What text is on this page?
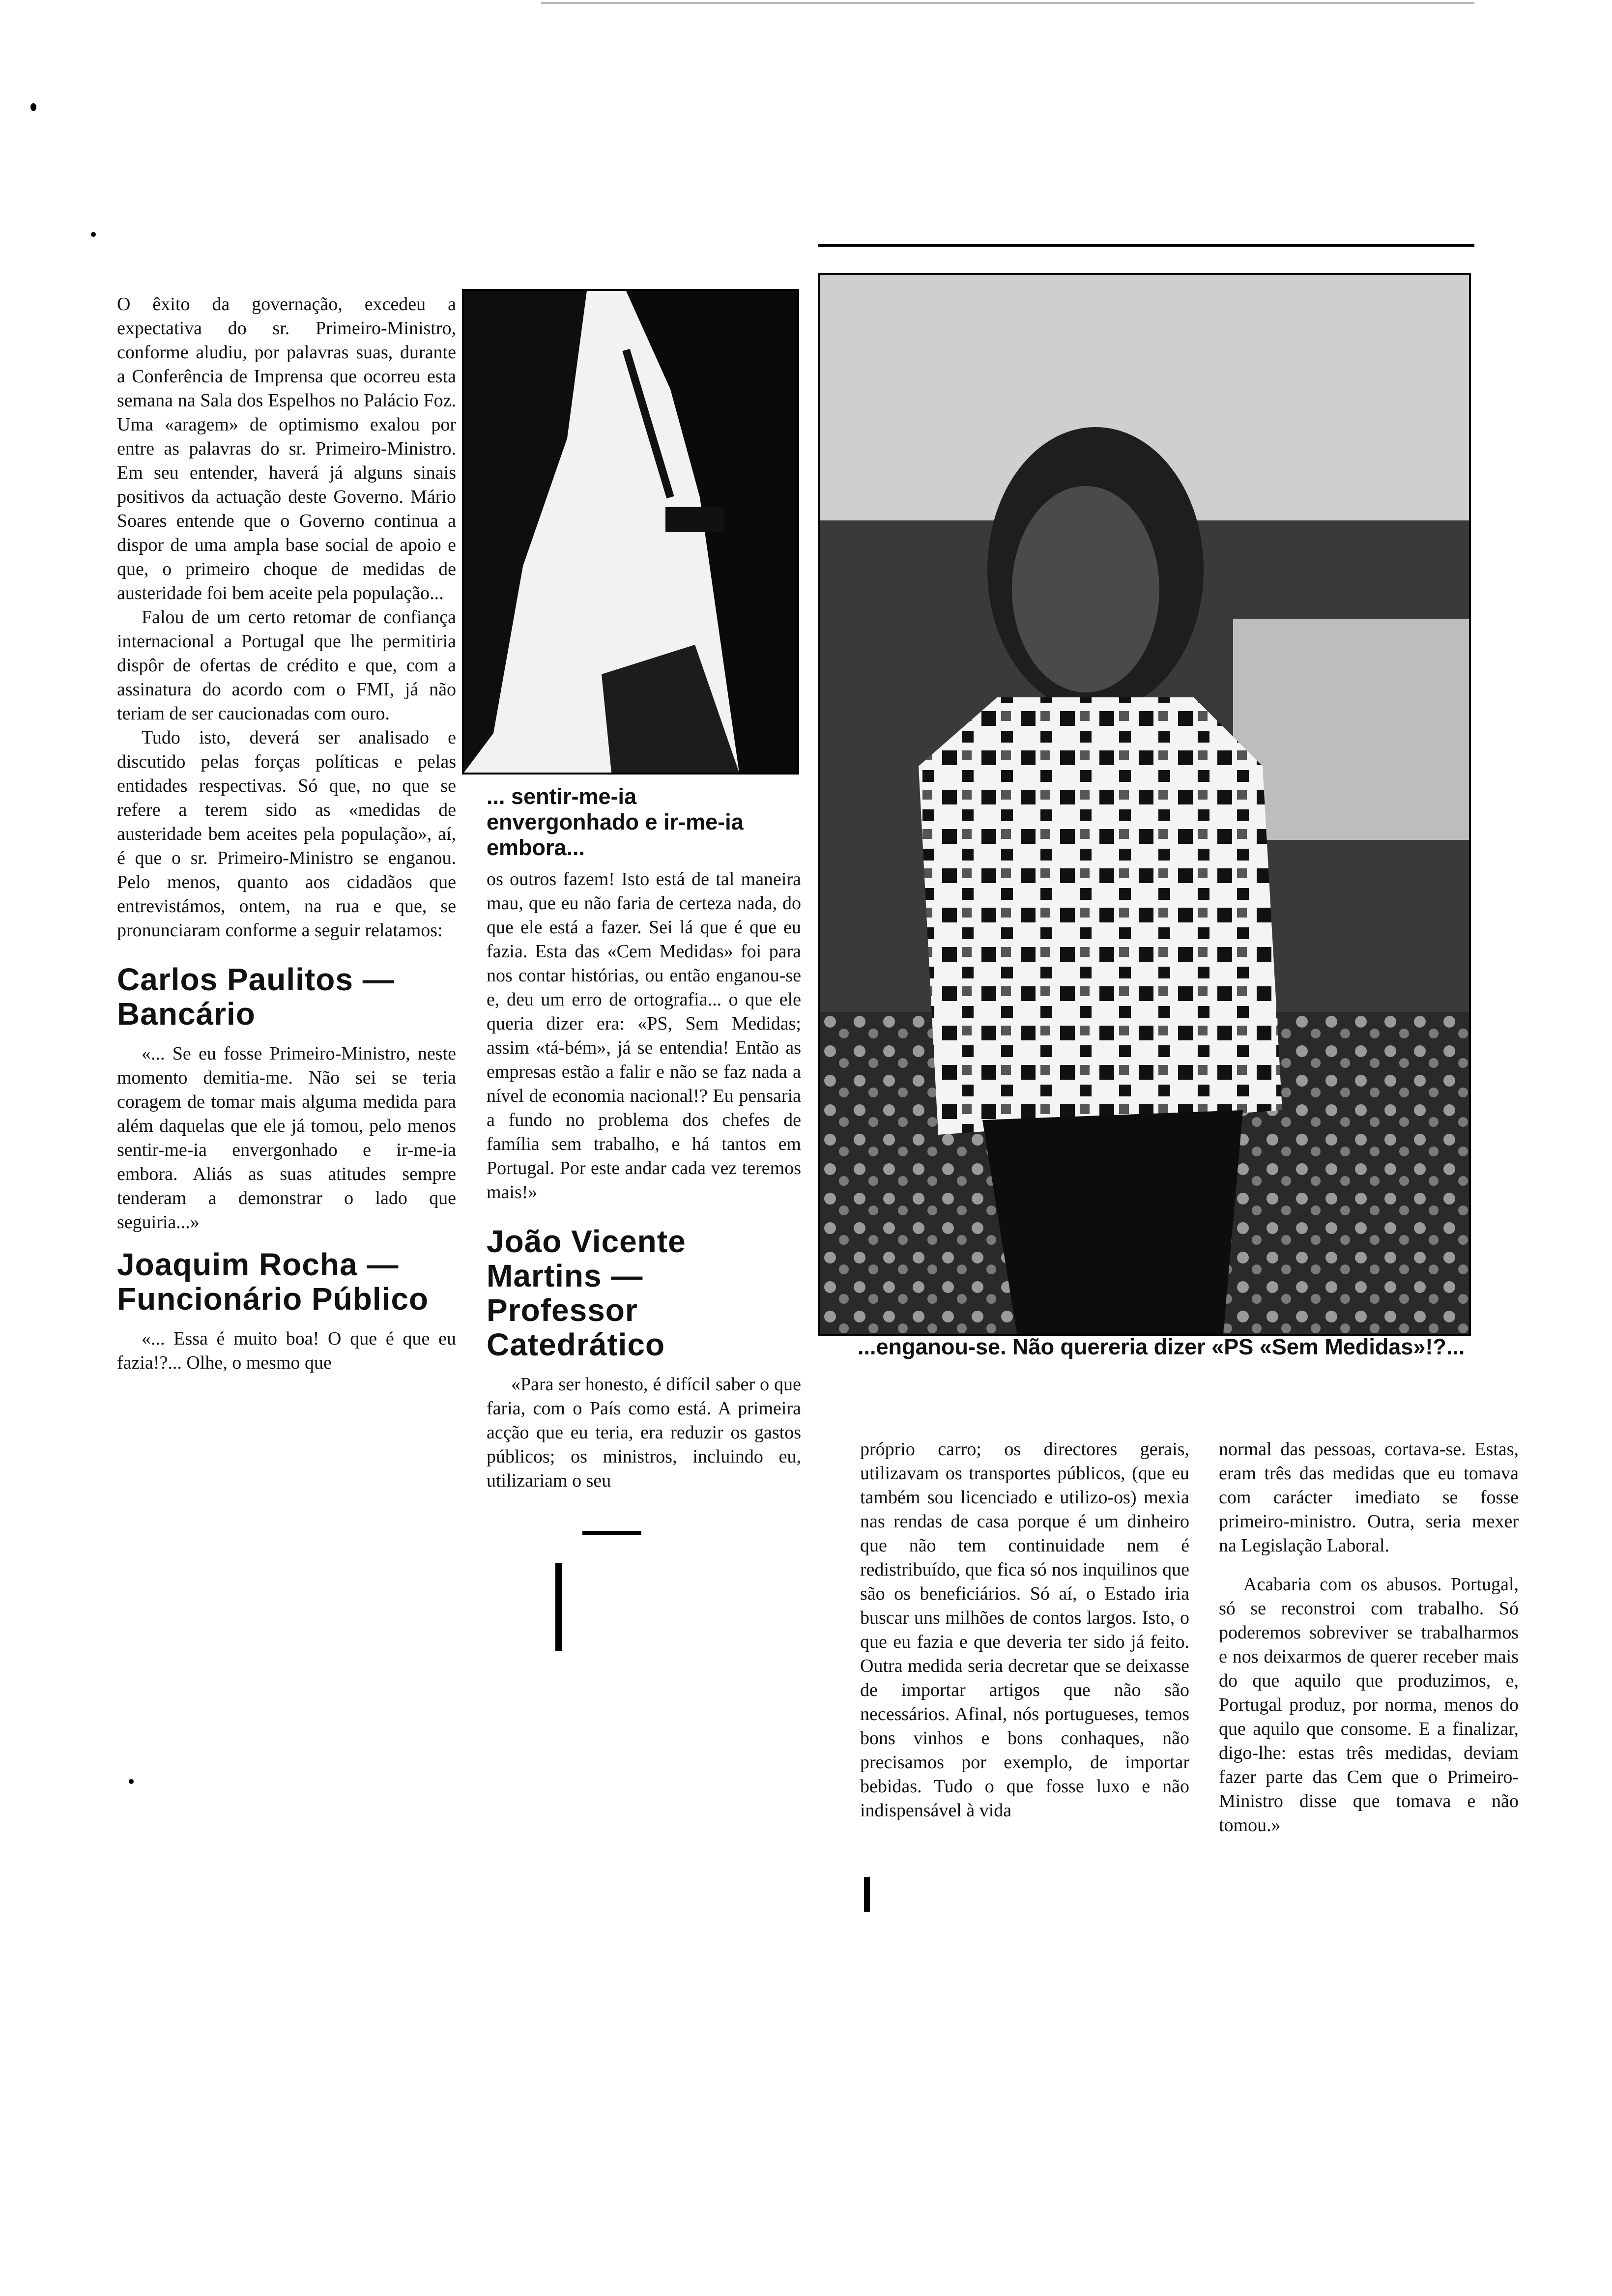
O êxito da governação, excedeu a expectativa do sr. Primeiro-Ministro, conforme aludiu, por palavras suas, durante a Conferência de Imprensa que ocorreu esta semana na Sala dos Espelhos no Palácio Foz. Uma «aragem» de optimismo exalou por entre as palavras do sr. Primeiro-Ministro. Em seu entender, haverá já alguns sinais positivos da actuação deste Governo. Mário Soares entende que o Governo continua a dispor de uma ampla base social de apoio e que, o primeiro choque de medidas de austeridade foi bem aceite pela população...

Falou de um certo retomar de confiança internacional a Portugal que lhe permitiria dispôr de ofertas de crédito e que, com a assinatura do acordo com o FMI, já não teriam de ser caucionadas com ouro.

Tudo isto, deverá ser analisado e discutido pelas forças políticas e pelas entidades respectivas. Só que, no que se refere a terem sido as «medidas de austeridade bem aceites pela população», aí, é que o sr. Primeiro-Ministro se enganou. Pelo menos, quanto aos cidadãos que entrevistámos, ontem, na rua e que, se pronunciaram conforme a seguir relatamos:

Carlos Paulitos — Bancário

«... Se eu fosse Primeiro-Ministro, neste momento demitia-me. Não sei se teria coragem de tomar mais alguma medida para além daquelas que ele já tomou, pelo menos sentir-me-ia envergonhado e ir-me-ia embora. Aliás as suas atitudes sempre tenderam a demonstrar o lado que seguiria...»

Joaquim Rocha — Funcionário Público

«... Essa é muito boa! O que é que eu fazia!?... Olhe, o mesmo que

... sentir-me-ia envergonhado e ir-me-ia embora...

os outros fazem! Isto está de tal maneira mau, que eu não faria de certeza nada, do que ele está a fazer. Sei lá que é que eu fazia. Esta das «Cem Medidas» foi para nos contar histórias, ou então enganou-se e, deu um erro de ortografia... o que ele queria dizer era: «PS, Sem Medidas; assim «tá-bém», já se entendia! Então as empresas estão a falir e não se faz nada a nível de economia nacional!? Eu pensaria a fundo no problema dos chefes de família sem trabalho, e há tantos em Portugal. Por este andar cada vez teremos mais!»

João Vicente Martins — Professor Catedrático

«Para ser honesto, é difícil saber o que faria, com o País como está. A primeira acção que eu teria, era reduzir os gastos públicos; os ministros, incluindo eu, utilizariam o seu

...enganou-se. Não quereria dizer «PS «Sem Medidas»!?...

próprio carro; os directores gerais, utilizavam os transportes públicos, (que eu também sou licenciado e utilizo-os) mexia nas rendas de casa porque é um dinheiro que não tem continuidade nem é redistribuído, que fica só nos inquilinos que são os beneficiários. Só aí, o Estado iria buscar uns milhões de contos largos. Isto, o que eu fazia e que deveria ter sido já feito. Outra medida seria decretar que se deixasse de importar artigos que não são necessários. Afinal, nós portugueses, temos bons vinhos e bons conhaques, não precisamos por exemplo, de importar bebidas. Tudo o que fosse luxo e não indispensável à vida

normal das pessoas, cortava-se. Estas, eram três das medidas que eu tomava com carácter imediato se fosse primeiro-ministro. Outra, seria mexer na Legislação Laboral.

Acabaria com os abusos. Portugal, só se reconstroi com trabalho. Só poderemos sobreviver se trabalharmos e nos deixarmos de querer receber mais do que aquilo que produzimos, e, Portugal produz, por norma, menos do que aquilo que consome. E a finalizar, digo-lhe: estas três medidas, deviam fazer parte das Cem que o Primeiro-Ministro disse que tomava e não tomou.»
